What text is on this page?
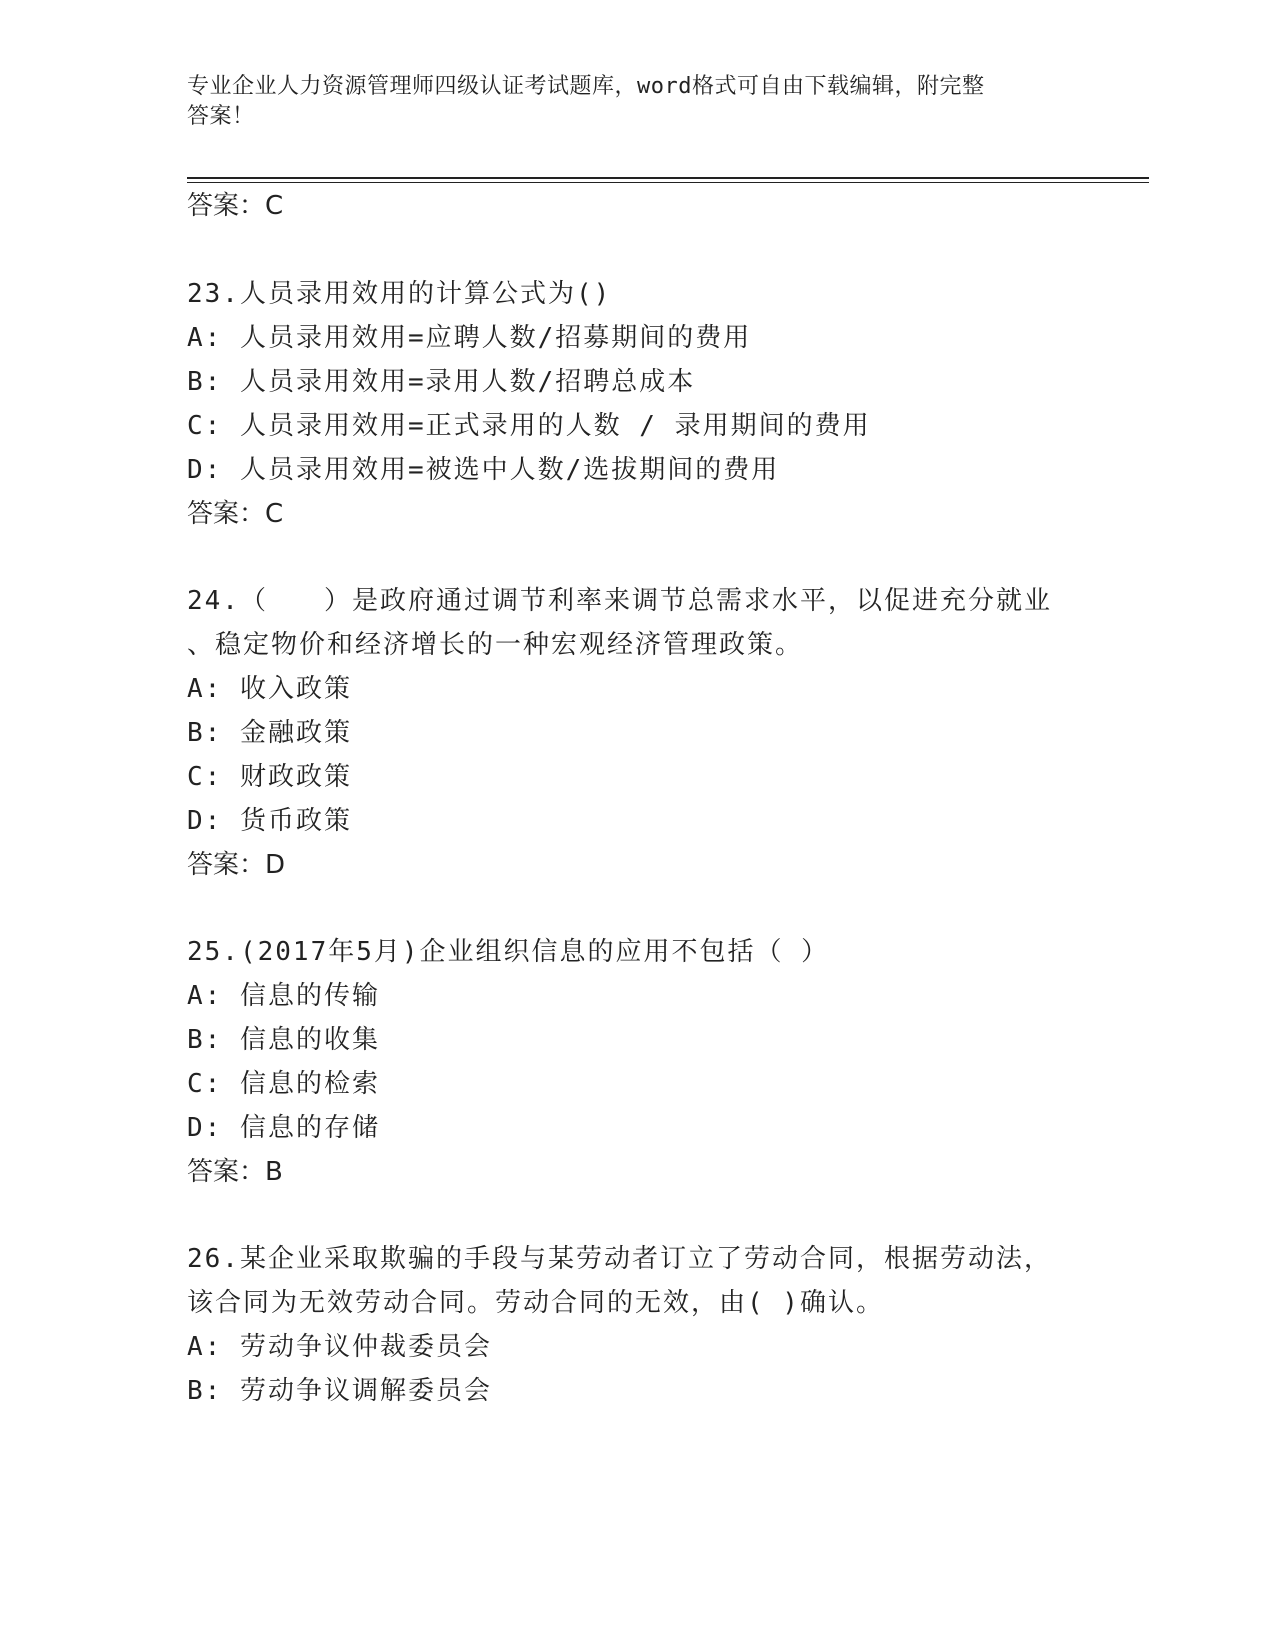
专业企业人力资源管理师四级认证考试题库，word格式可自由下载编辑，附完整
答案！
答案：C
23.人员录用效用的计算公式为()
A: 人员录用效用=应聘人数/招募期间的费用
B: 人员录用效用=录用人数/招聘总成本
C: 人员录用效用=正式录用的人数 / 录用期间的费用
D: 人员录用效用=被选中人数/选拔期间的费用
答案：C
24.（　　）是政府通过调节利率来调节总需求水平，以促进充分就业
、稳定物价和经济增长的一种宏观经济管理政策。
A: 收入政策
B: 金融政策
C: 财政政策
D: 货币政策
答案：D
25.(2017年5月)企业组织信息的应用不包括（ ）
A: 信息的传输
B: 信息的收集
C: 信息的检索
D: 信息的存储
答案：B
26.某企业采取欺骗的手段与某劳动者订立了劳动合同，根据劳动法，
该合同为无效劳动合同。劳动合同的无效，由( )确认。
A: 劳动争议仲裁委员会
B: 劳动争议调解委员会
